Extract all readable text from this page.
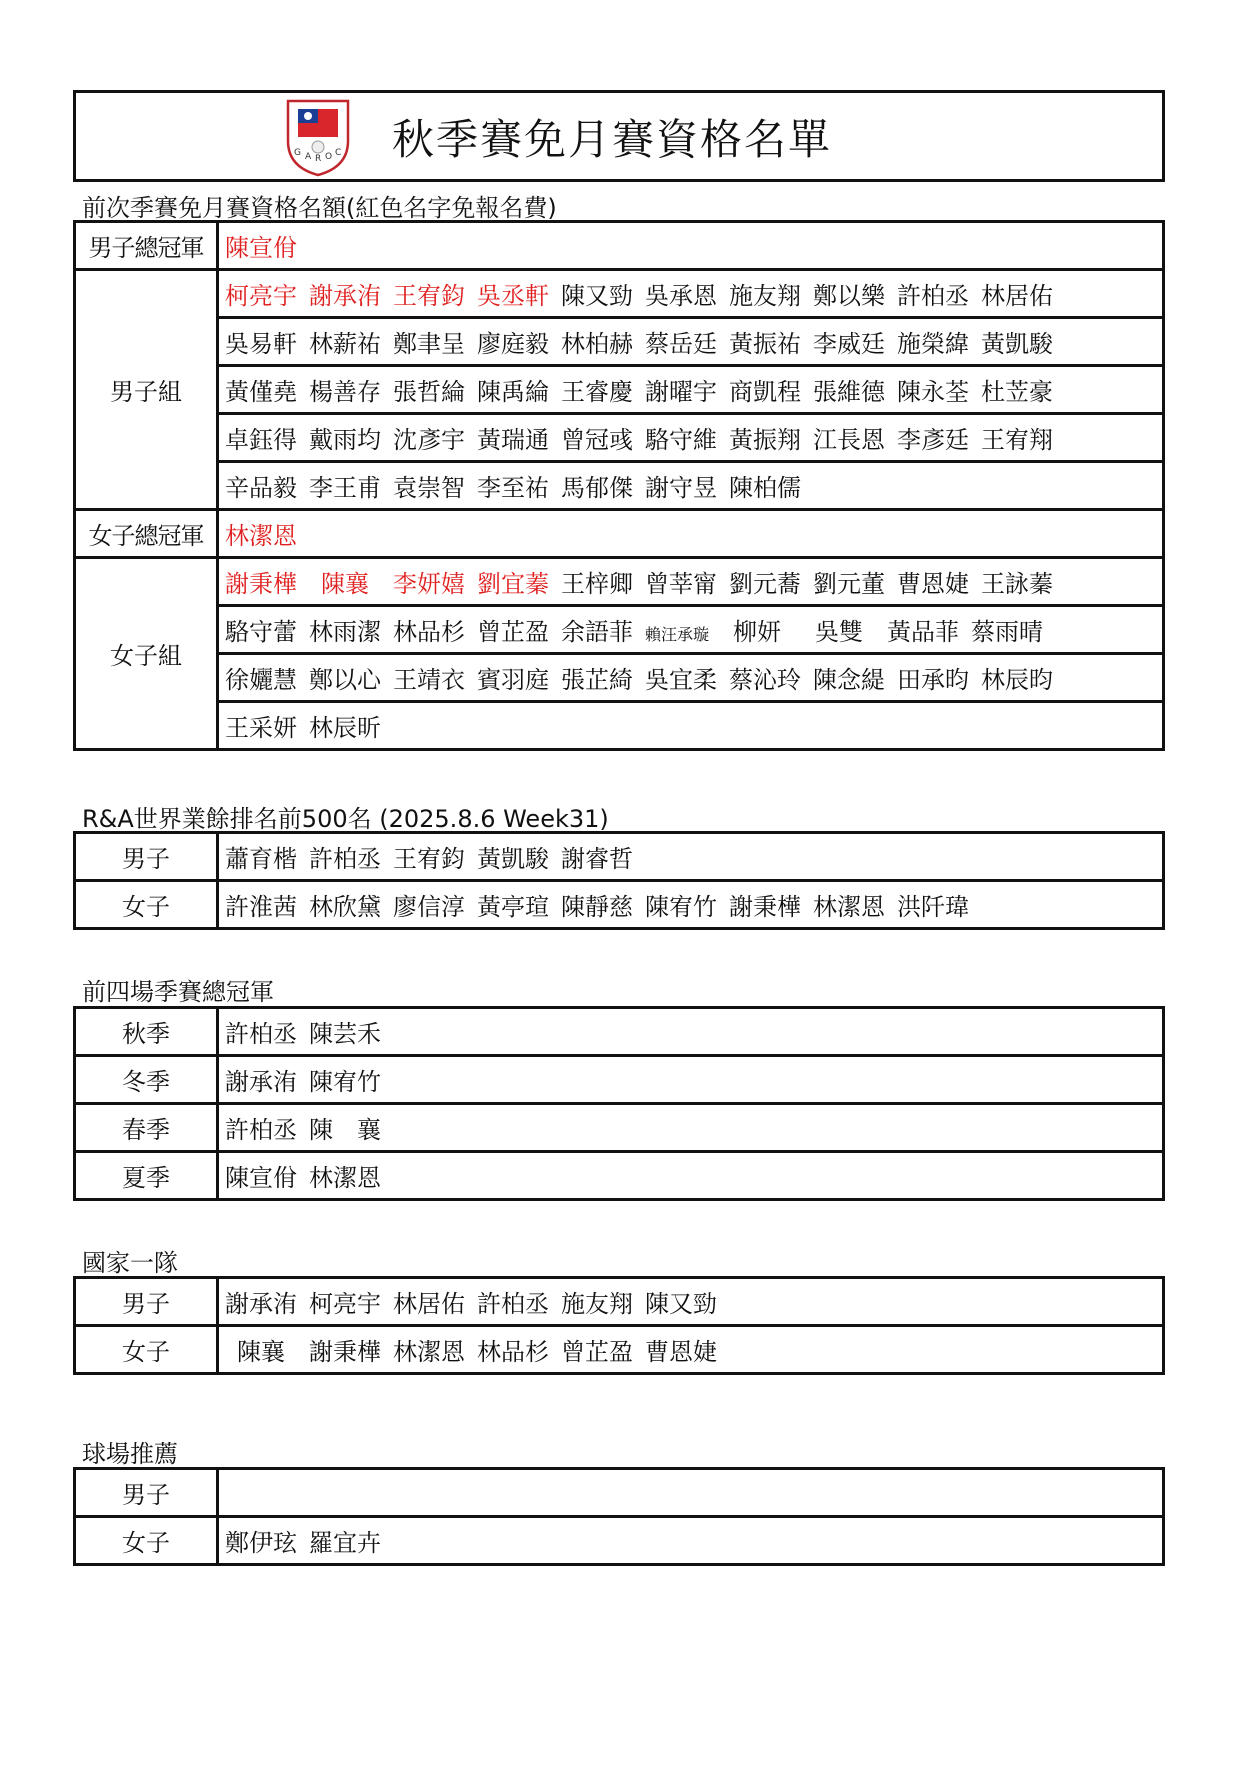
G A R O C 秋季賽免月賽資格名單
前次季賽免月賽資格名額(紅色名字免報名費)
男子總冠軍	陳宣佾
男子組	柯亮宇 謝承洧 王宥鈞 吳丞軒 陳又勁 吳承恩 施友翔 鄭以樂 許柏丞 林居佑
	吳易軒 林薪祐 鄭聿呈 廖庭毅 林柏赫 蔡岳廷 黃振祐 李威廷 施榮緯 黃凱駿
	黃僅堯 楊善存 張哲綸 陳禹綸 王睿慶 謝曜宇 商凱程 張維德 陳永荃 杜苙豪
	卓鈺得 戴雨均 沈彥宇 黃瑞通 曾冠彧 駱守維 黃振翔 江長恩 李彥廷 王宥翔
	辛品毅 李王甫 袁崇智 李至祐 馬郁傑 謝守昱 陳柏儒
女子總冠軍	林潔恩
女子組	謝秉樺 陳襄 李妍嬉 劉宜蓁 王梓卿 曾莘甯 劉元蕎 劉元董 曹恩婕 王詠蓁
	駱守蕾 林雨潔 林品杉 曾芷盈 余語菲 賴汪承璇 柳妍 吳雙 黃品菲 蔡雨晴
	徐孋慧 鄭以心 王靖衣 賓羽庭 張芷綺 吳宜柔 蔡沁玲 陳念緹 田承昀 林辰昀
	王采妍 林辰昕
R&A世界業餘排名前500名 (2025.8.6 Week31)
男子	蕭育楷 許柏丞 王宥鈞 黃凱駿 謝睿哲
女子	許淮茜 林欣黛 廖信淳 黃亭瑄 陳靜慈 陳宥竹 謝秉樺 林潔恩 洪阡瑋
前四場季賽總冠軍
秋季	許柏丞 陳芸禾
冬季	謝承洧 陳宥竹
春季	許柏丞 陳　襄
夏季	陳宣佾 林潔恩
國家一隊
男子	謝承洧 柯亮宇 林居佑 許柏丞 施友翔 陳又勁
女子	陳襄 謝秉樺 林潔恩 林品杉 曾芷盈 曹恩婕
球場推薦
男子	
女子	鄭伊玹 羅宜卉
